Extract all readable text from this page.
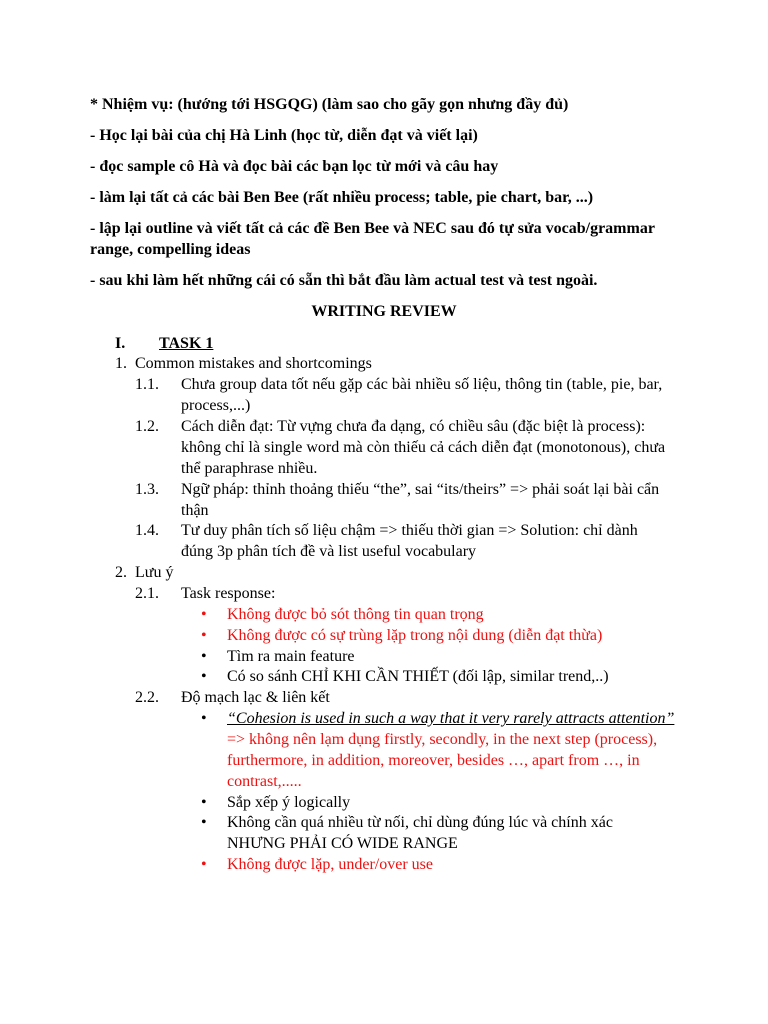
* Nhiệm vụ: (hướng tới HSGQG) (làm sao cho gãy gọn nhưng đầy đủ)

- Học lại bài của chị Hà Linh (học từ, diễn đạt và viết lại)

- đọc sample cô Hà và đọc bài các bạn lọc từ mới và câu hay

- làm lại tất cả các bài Ben Bee (rất nhiều process; table, pie chart, bar, ...)

- lập lại outline và viết tất cả các đề Ben Bee và NEC sau đó tự sửa vocab/grammar range, compelling ideas

- sau khi làm hết những cái có sẵn thì bắt đầu làm actual test và test ngoài.

WRITING REVIEW
I. TASK 1
1. Common mistakes and shortcomings
1.1.	Chưa group data tốt nếu gặp các bài nhiều số liệu, thông tin (table, pie, bar, process,...)
1.2.	Cách diễn đạt: Từ vựng chưa đa dạng, có chiều sâu (đặc biệt là process): không chỉ là single word mà còn thiếu cả cách diễn đạt (monotonous), chưa thể paraphrase nhiều.
1.3.	Ngữ pháp: thỉnh thoảng thiếu “the”, sai “its/theirs” => phải soát lại bài cẩn thận
1.4.	Tư duy phân tích số liệu chậm => thiếu thời gian => Solution: chỉ dành đúng 3p phân tích đề và list useful vocabulary
2. Lưu ý
2.1.	Task response:
• Không được bỏ sót thông tin quan trọng
• Không được có sự trùng lặp trong nội dung (diễn đạt thừa)
• Tìm ra main feature
• Có so sánh CHỈ KHI CẦN THIẾT (đối lập, similar trend,..)
2.2.	Độ mạch lạc & liên kết
• “Cohesion is used in such a way that it very rarely attracts attention” => không nên lạm dụng firstly, secondly, in the next step (process), furthermore, in addition, moreover, besides …, apart from …, in contrast,.....
• Sắp xếp ý logically
• Không cần quá nhiều từ nối, chỉ dùng đúng lúc và chính xác NHƯNG PHẢI CÓ WIDE RANGE
• Không được lặp, under/over use
